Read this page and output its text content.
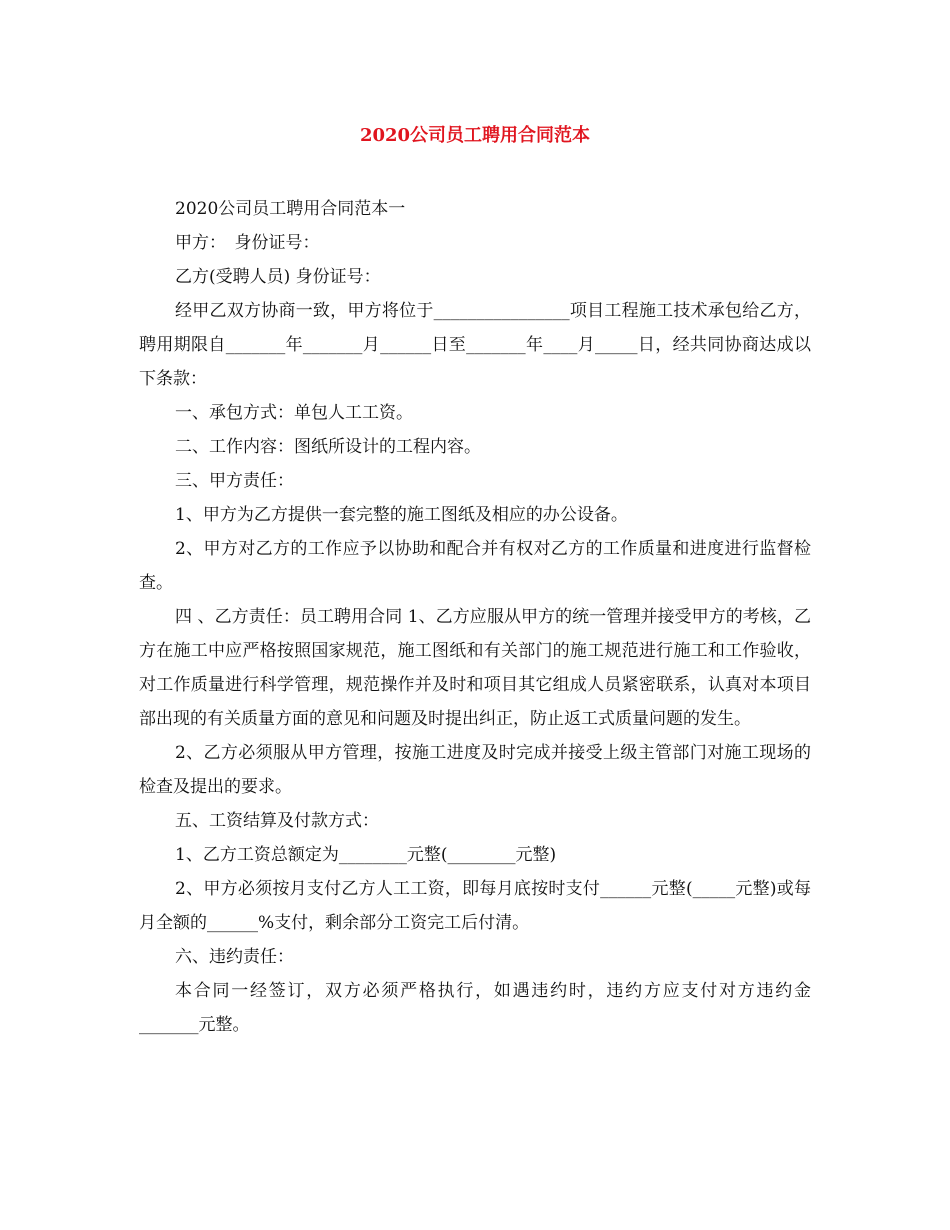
2020公司员工聘用合同范本

2020公司员工聘用合同范本一

甲方：　身份证号：

乙方(受聘人员) 身份证号：

经甲乙双方协商一致，甲方将位于________________项目工程施工技术承包给乙方，聘用期限自_______年_______月______日至_______年____月_____日，经共同协商达成以下条款：

一、承包方式：单包人工工资。

二、工作内容：图纸所设计的工程内容。

三、甲方责任：

1、甲方为乙方提供一套完整的施工图纸及相应的办公设备。

2、甲方对乙方的工作应予以协助和配合并有权对乙方的工作质量和进度进行监督检查。

四 、乙方责任：员工聘用合同 1、乙方应服从甲方的统一管理并接受甲方的考核，乙方在施工中应严格按照国家规范，施工图纸和有关部门的施工规范进行施工和工作验收，对工作质量进行科学管理，规范操作并及时和项目其它组成人员紧密联系，认真对本项目部出现的有关质量方面的意见和问题及时提出纠正，防止返工式质量问题的发生。

2、乙方必须服从甲方管理，按施工进度及时完成并接受上级主管部门对施工现场的检查及提出的要求。

五、工资结算及付款方式：

1、乙方工资总额定为________元整(________元整)

2、甲方必须按月支付乙方人工工资，即每月底按时支付______元整(_____元整)或每月全额的______%支付，剩余部分工资完工后付清。

六、违约责任：

本合同一经签订，双方必须严格执行，如遇违约时，违约方应支付对方违约金_______元整。
